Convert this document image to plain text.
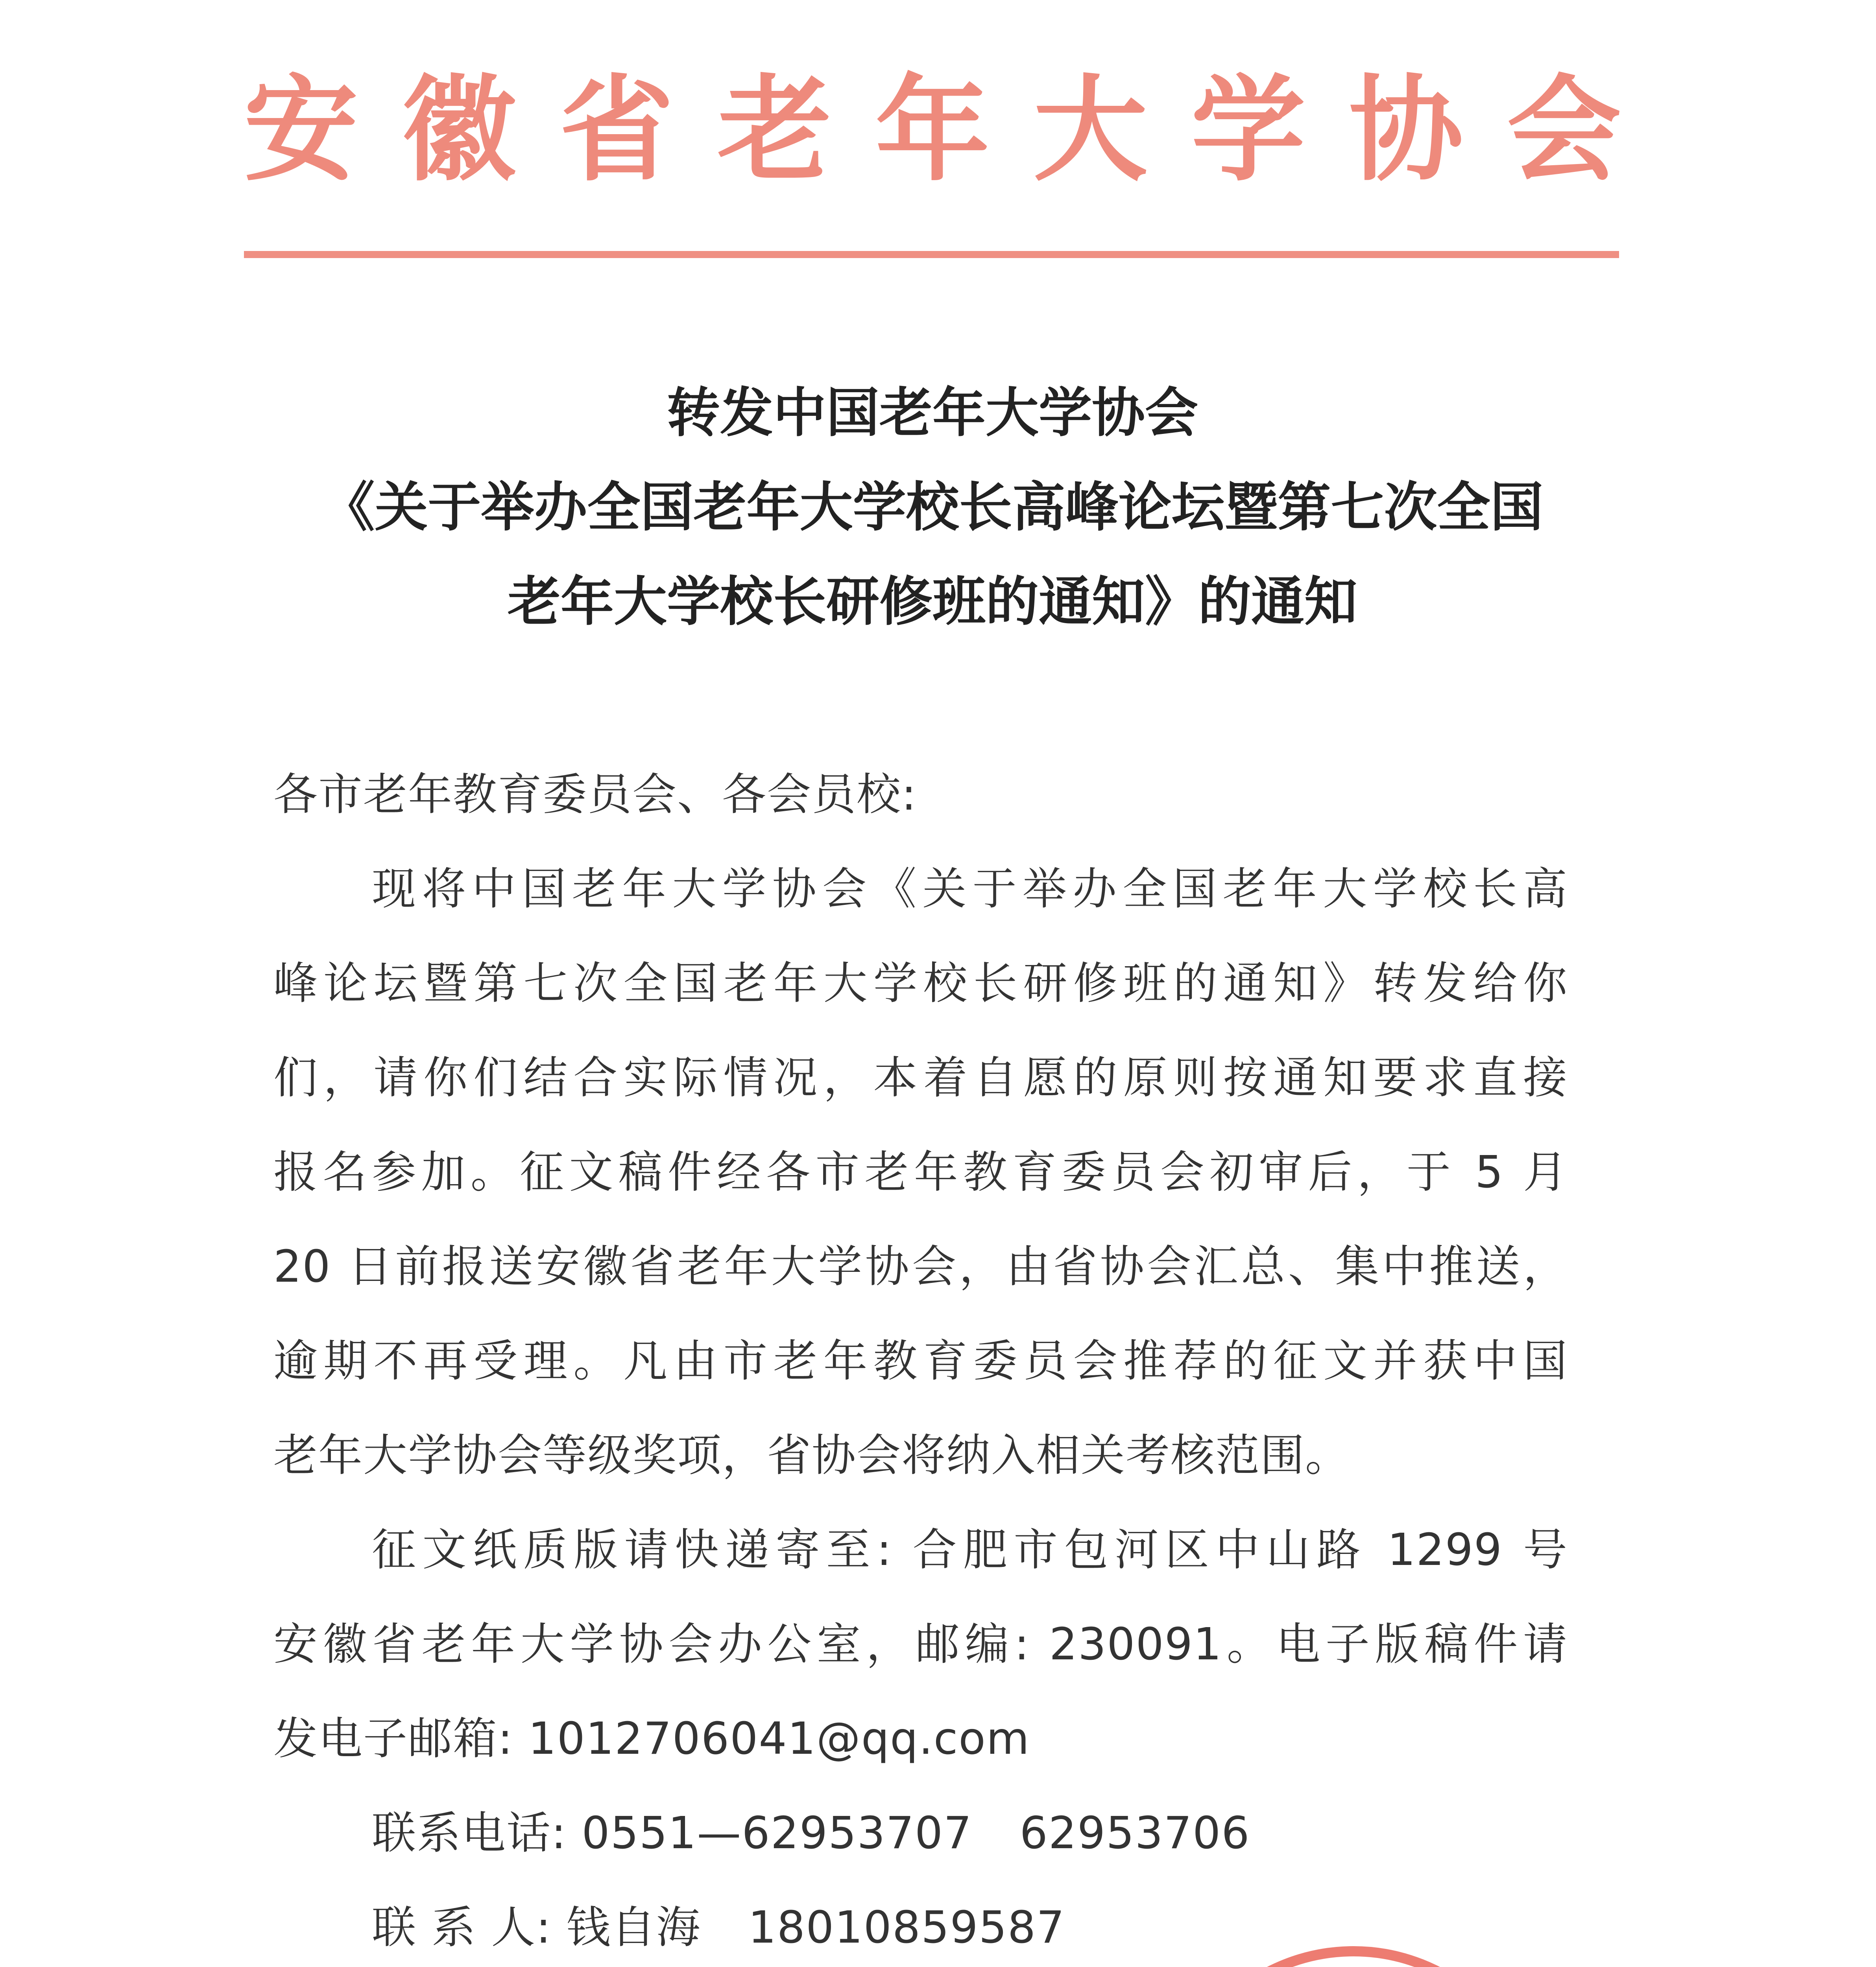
安 徽 省 老 年 大 学 协 会
转发中国老年大学协会
《关于举办全国老年大学校长高峰论坛暨第七次全国
老年大学校长研修班的通知》的通知
各市老年教育委员会、各会员校:
现将中国老年大学协会《关于举办全国老年大学校长高
峰论坛暨第七次全国老年大学校长研修班的通知》转发给你
们，请你们结合实际情况，本着自愿的原则按通知要求直接
报名参加。征文稿件经各市老年教育委员会初审后，于 5 月
20 日前报送安徽省老年大学协会，由省协会汇总、集中推送，
逾期不再受理。凡由市老年教育委员会推荐的征文并获中国
老年大学协会等级奖项，省协会将纳入相关考核范围。
征文纸质版请快递寄至: 合肥市包河区中山路 1299 号
安徽省老年大学协会办公室，邮编: 230091。电子版稿件请
发电子邮箱: 1012706041@qq.com
联系电话: 0551—62953707 62953706
联 系 人: 钱自海 18010859587
